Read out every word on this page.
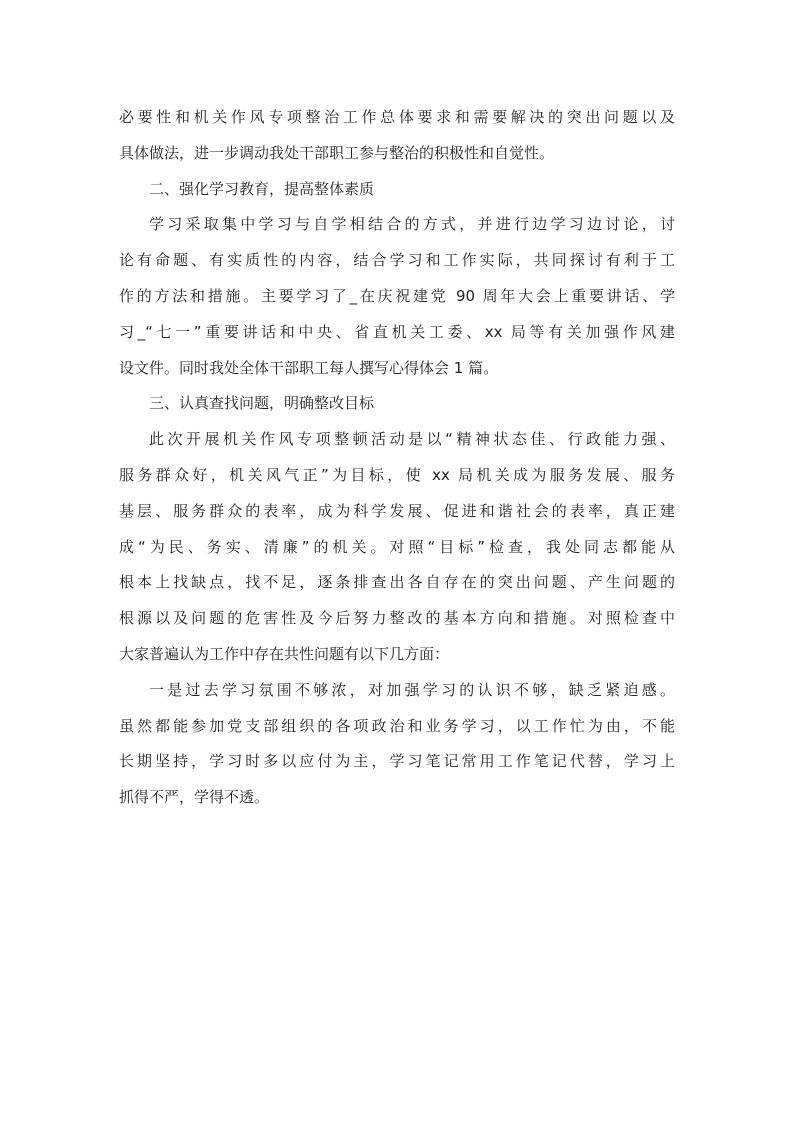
必要性和机关作风专项整治工作总体要求和需要解决的突出问题以及
具体做法，进一步调动我处干部职工参与整治的积极性和自觉性。
二、强化学习教育，提高整体素质
学习采取集中学习与自学相结合的方式，并进行边学习边讨论，讨
论有命题、有实质性的内容，结合学习和工作实际，共同探讨有利于工
作的方法和措施。主要学习了_在庆祝建党 90 周年大会上重要讲话、学
习_“七一”重要讲话和中央、省直机关工委、xx 局等有关加强作风建
设文件。同时我处全体干部职工每人撰写心得体会 1 篇。
三、认真查找问题，明确整改目标
此次开展机关作风专项整顿活动是以“精神状态佳、行政能力强、
服务群众好，机关风气正”为目标，使 xx 局机关成为服务发展、服务
基层、服务群众的表率，成为科学发展、促进和谐社会的表率，真正建
成“为民、务实、清廉”的机关。对照“目标”检查，我处同志都能从
根本上找缺点，找不足，逐条排查出各自存在的突出问题、产生问题的
根源以及问题的危害性及今后努力整改的基本方向和措施。对照检查中
大家普遍认为工作中存在共性问题有以下几方面：
一是过去学习氛围不够浓，对加强学习的认识不够，缺乏紧迫感。
虽然都能参加党支部组织的各项政治和业务学习，以工作忙为由，不能
长期坚持，学习时多以应付为主，学习笔记常用工作笔记代替，学习上
抓得不严，学得不透。
